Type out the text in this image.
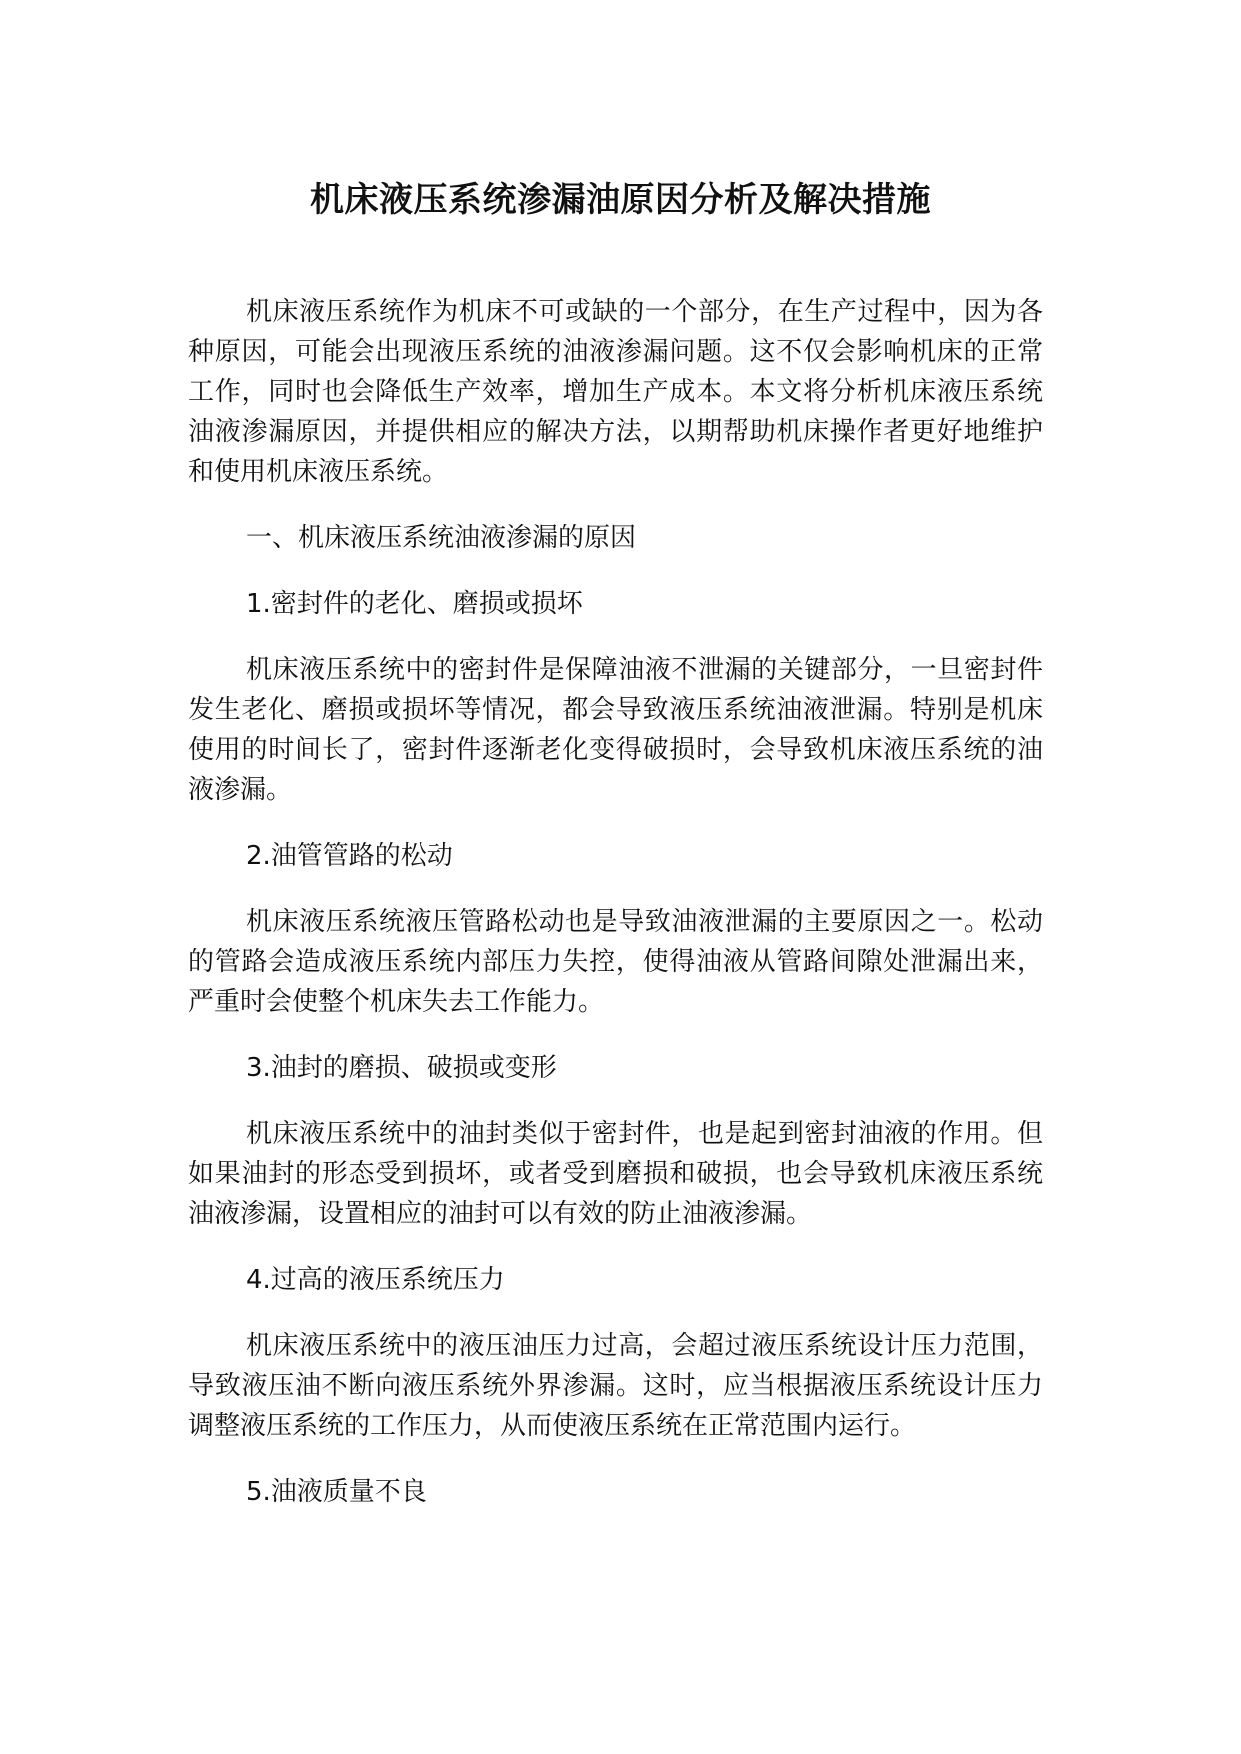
机床液压系统渗漏油原因分析及解决措施

机床液压系统作为机床不可或缺的一个部分，在生产过程中，因为各种原因，可能会出现液压系统的油液渗漏问题。这不仅会影响机床的正常工作，同时也会降低生产效率，增加生产成本。本文将分析机床液压系统油液渗漏原因，并提供相应的解决方法，以期帮助机床操作者更好地维护和使用机床液压系统。

一、机床液压系统油液渗漏的原因

1.密封件的老化、磨损或损坏

机床液压系统中的密封件是保障油液不泄漏的关键部分，一旦密封件发生老化、磨损或损坏等情况，都会导致液压系统油液泄漏。特别是机床使用的时间长了，密封件逐渐老化变得破损时，会导致机床液压系统的油液渗漏。

2.油管管路的松动

机床液压系统液压管路松动也是导致油液泄漏的主要原因之一。松动的管路会造成液压系统内部压力失控，使得油液从管路间隙处泄漏出来，严重时会使整个机床失去工作能力。

3.油封的磨损、破损或变形

机床液压系统中的油封类似于密封件，也是起到密封油液的作用。但如果油封的形态受到损坏，或者受到磨损和破损，也会导致机床液压系统油液渗漏，设置相应的油封可以有效的防止油液渗漏。

4.过高的液压系统压力

机床液压系统中的液压油压力过高，会超过液压系统设计压力范围，导致液压油不断向液压系统外界渗漏。这时，应当根据液压系统设计压力调整液压系统的工作压力，从而使液压系统在正常范围内运行。

5.油液质量不良
